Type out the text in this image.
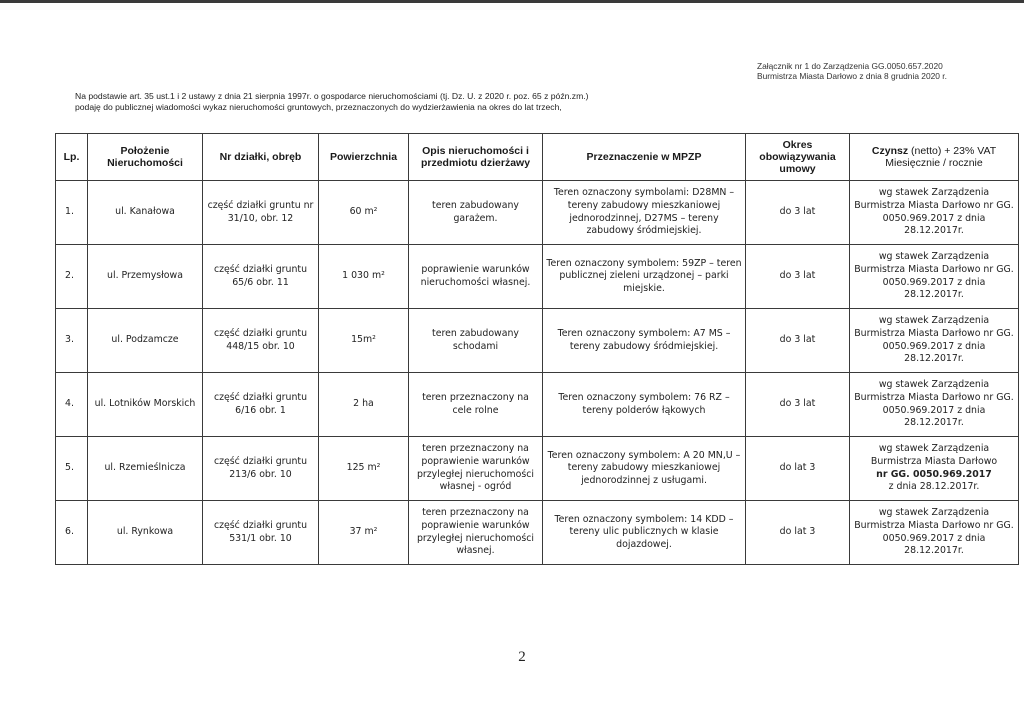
Załącznik nr 1 do Zarządzenia GG.0050.657.2020
Burmistrza Miasta Darłowo z dnia 8 grudnia 2020 r.
Na podstawie art. 35 ust.1 i 2 ustawy z dnia 21 sierpnia 1997r. o gospodarce nieruchomościami (tj. Dz. U. z 2020 r. poz. 65 z późn.zm.)
podaję do publicznej wiadomości wykaz nieruchomości gruntowych, przeznaczonych do wydzierżawienia na okres do lat trzech,
Lp.	Położenie Nieruchomości	Nr działki, obręb	Powierzchnia	Opis nieruchomości i przedmiotu dzierżawy	Przeznaczenie w MPZP	Okres obowiązywania umowy	Czynsz (netto) + 23% VAT
Miesięcznie / rocznie
1.	ul. Kanałowa	część działki gruntu nr 31/10, obr. 12	60 m²	teren zabudowany garażem.	Teren oznaczony symbolami: D28MN – tereny zabudowy mieszkaniowej jednorodzinnej, D27MS – tereny zabudowy śródmiejskiej.	do 3 lat	wg stawek Zarządzenia Burmistrza Miasta Darłowo nr GG. 0050.969.2017 z dnia 28.12.2017r.
2.	ul. Przemysłowa	część działki gruntu 65/6 obr. 11	1 030 m²	poprawienie warunków nieruchomości własnej.	Teren oznaczony symbolem: 59ZP – teren publicznej zieleni urządzonej – parki miejskie.	do 3 lat	wg stawek Zarządzenia Burmistrza Miasta Darłowo nr GG. 0050.969.2017 z dnia 28.12.2017r.
3.	ul. Podzamcze	część działki gruntu 448/15 obr. 10	15m²	teren zabudowany schodami	Teren oznaczony symbolem: A7 MS – tereny zabudowy śródmiejskiej.	do 3 lat	wg stawek Zarządzenia Burmistrza Miasta Darłowo nr GG. 0050.969.2017 z dnia 28.12.2017r.
4.	ul. Lotników Morskich	część działki gruntu 6/16 obr. 1	2 ha	teren przeznaczony na cele rolne	Teren oznaczony symbolem: 76 RZ – tereny polderów łąkowych	do 3 lat	wg stawek Zarządzenia Burmistrza Miasta Darłowo nr GG. 0050.969.2017 z dnia 28.12.2017r.
5.	ul. Rzemieślnicza	część działki gruntu 213/6 obr. 10	125 m²	teren przeznaczony na poprawienie warunków przyległej nieruchomości własnej - ogród	Teren oznaczony symbolem: A 20 MN,U – tereny zabudowy mieszkaniowej jednorodzinnej z usługami.	do lat 3	wg stawek Zarządzenia Burmistrza Miasta Darłowo
nr GG. 0050.969.2017
z dnia 28.12.2017r.
6.	ul. Rynkowa	część działki gruntu 531/1 obr. 10	37 m²	teren przeznaczony na poprawienie warunków przyległej nieruchomości własnej.	Teren oznaczony symbolem: 14 KDD – tereny ulic publicznych w klasie dojazdowej.	do lat 3	wg stawek Zarządzenia Burmistrza Miasta Darłowo nr GG. 0050.969.2017 z dnia 28.12.2017r.
2
